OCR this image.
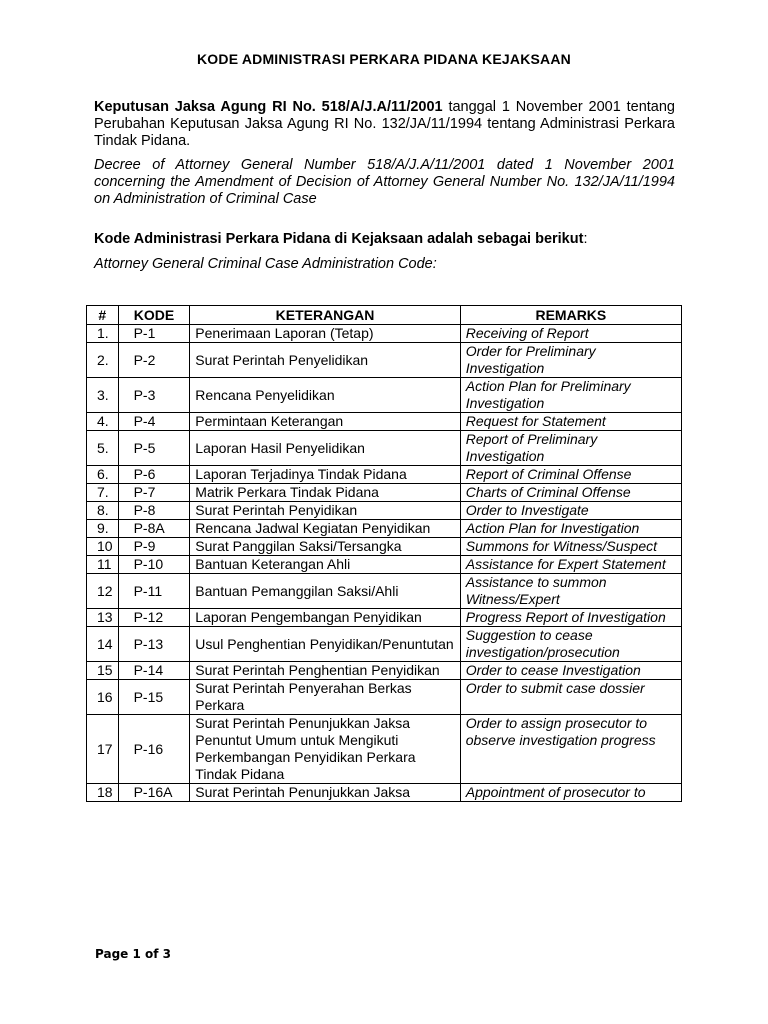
KODE ADMINISTRASI PERKARA PIDANA KEJAKSAAN
Keputusan Jaksa Agung RI No. 518/A/J.A/11/2001 tanggal 1 November 2001 tentang Perubahan Keputusan Jaksa Agung RI No. 132/JA/11/1994 tentang Administrasi Perkara Tindak Pidana.
Decree of Attorney General Number 518/A/J.A/11/2001 dated 1 November 2001 concerning the Amendment of Decision of Attorney General Number No. 132/JA/11/1994 on Administration of Criminal Case
Kode Administrasi Perkara Pidana di Kejaksaan adalah sebagai berikut:
Attorney General Criminal Case Administration Code:
#	KODE	KETERANGAN	REMARKS
1.	P-1	Penerimaan Laporan (Tetap)	Receiving of Report
2.	P-2	Surat Perintah Penyelidikan	Order for Preliminary Investigation
3.	P-3	Rencana Penyelidikan	Action Plan for Preliminary Investigation
4.	P-4	Permintaan Keterangan	Request for Statement
5.	P-5	Laporan Hasil Penyelidikan	Report of Preliminary Investigation
6.	P-6	Laporan Terjadinya Tindak Pidana	Report of Criminal Offense
7.	P-7	Matrik Perkara Tindak Pidana	Charts of Criminal Offense
8.	P-8	Surat Perintah Penyidikan	Order to Investigate
9.	P-8A	Rencana Jadwal Kegiatan Penyidikan	Action Plan for Investigation
10	P-9	Surat Panggilan Saksi/Tersangka	Summons for Witness/Suspect
11	P-10	Bantuan Keterangan Ahli	Assistance for Expert Statement
12	P-11	Bantuan Pemanggilan Saksi/Ahli	Assistance to summon Witness/Expert
13	P-12	Laporan Pengembangan Penyidikan	Progress Report of Investigation
14	P-13	Usul Penghentian Penyidikan/Penuntutan	Suggestion to cease investigation/prosecution
15	P-14	Surat Perintah Penghentian Penyidikan	Order to cease Investigation
16	P-15	Surat Perintah Penyerahan Berkas Perkara	Order to submit case dossier
17	P-16	Surat Perintah Penunjukkan Jaksa Penuntut Umum untuk Mengikuti Perkembangan Penyidikan Perkara Tindak Pidana	Order to assign prosecutor to observe investigation progress
18	P-16A	Surat Perintah Penunjukkan Jaksa	Appointment of prosecutor to
Page 1 of 3
